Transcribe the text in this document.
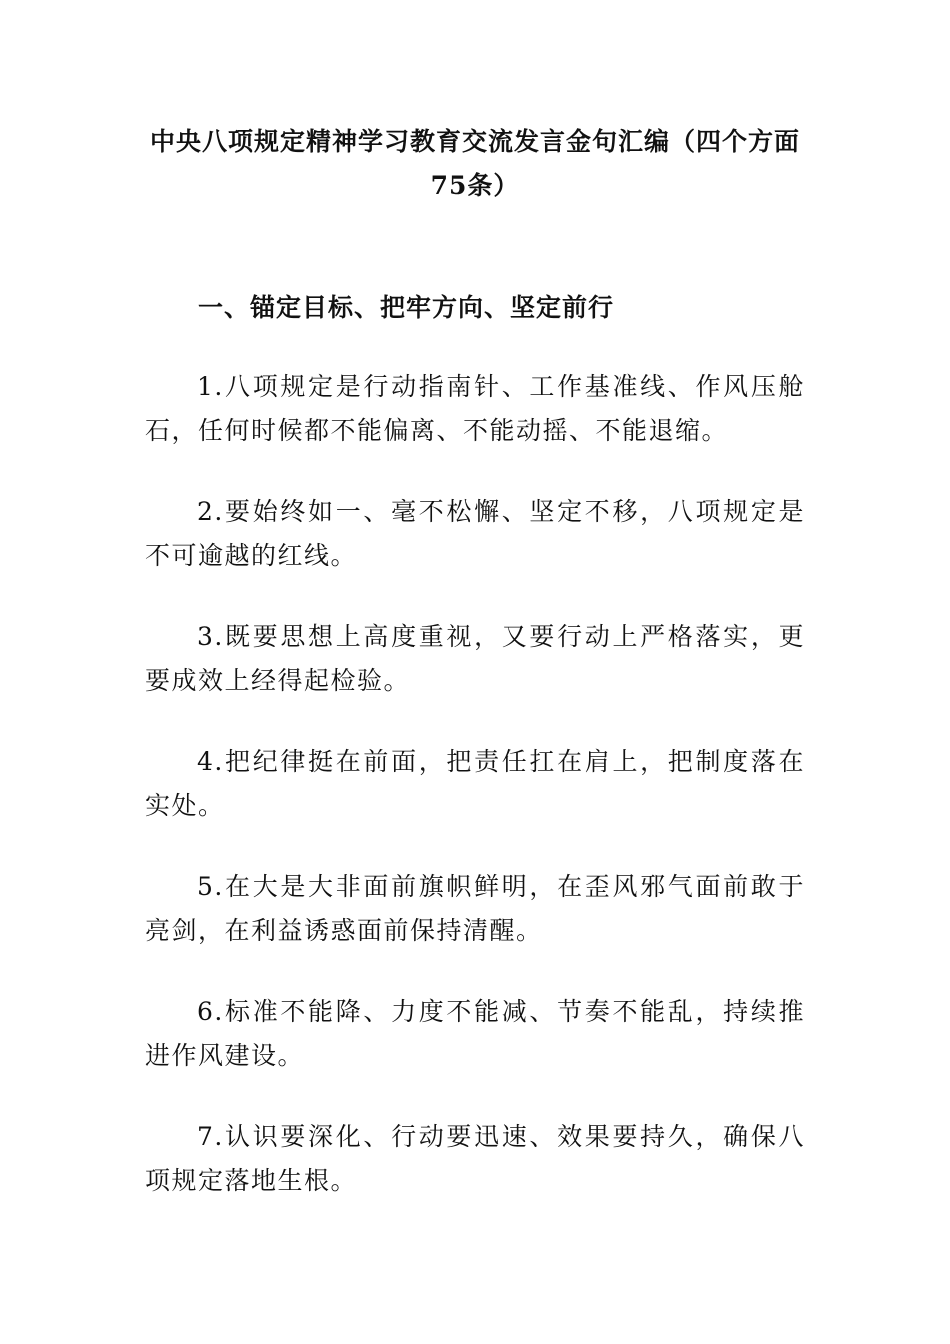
中央八项规定精神学习教育交流发言金句汇编（四个方面75条）
一、锚定目标、把牢方向、坚定前行
1.八项规定是行动指南针、工作基准线、作风压舱石，任何时候都不能偏离、不能动摇、不能退缩。
2.要始终如一、毫不松懈、坚定不移，八项规定是不可逾越的红线。
3.既要思想上高度重视，又要行动上严格落实，更要成效上经得起检验。
4.把纪律挺在前面，把责任扛在肩上，把制度落在实处。
5.在大是大非面前旗帜鲜明，在歪风邪气面前敢于亮剑，在利益诱惑面前保持清醒。
6.标准不能降、力度不能减、节奏不能乱，持续推进作风建设。
7.认识要深化、行动要迅速、效果要持久，确保八项规定落地生根。
